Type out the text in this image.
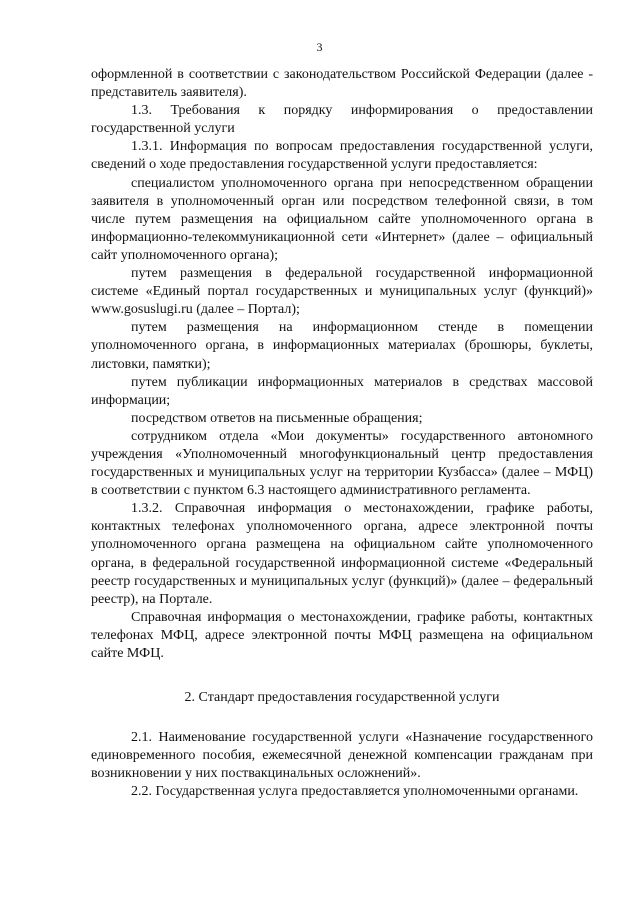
3

оформленной в соответствии с законодательством Российской Федерации (далее - представитель заявителя).

1.3. Требования к порядку информирования о предоставлении государственной услуги

1.3.1. Информация по вопросам предоставления государственной услуги, сведений о ходе предоставления государственной услуги предоставляется:

специалистом уполномоченного органа при непосредственном обращении заявителя в уполномоченный орган или посредством телефонной связи, в том числе путем размещения на официальном сайте уполномоченного органа в информационно-телекоммуникационной сети «Интернет» (далее – официальный сайт уполномоченного органа);

путем размещения в федеральной государственной информационной системе «Единый портал государственных и муниципальных услуг (функций)» www.gosuslugi.ru (далее – Портал);

путем размещения на информационном стенде в помещении уполномоченного органа, в информационных материалах (брошюры, буклеты, листовки, памятки);

путем публикации информационных материалов в средствах массовой информации;

посредством ответов на письменные обращения;

сотрудником отдела «Мои документы» государственного автономного учреждения «Уполномоченный многофункциональный центр предоставления государственных и муниципальных услуг на территории Кузбасса» (далее – МФЦ) в соответствии с пунктом 6.3 настоящего административного регламента.

1.3.2. Справочная информация о местонахождении, графике работы, контактных телефонах уполномоченного органа, адресе электронной почты уполномоченного органа размещена на официальном сайте уполномоченного органа, в федеральной государственной информационной системе «Федеральный реестр государственных и муниципальных услуг (функций)» (далее – федеральный реестр), на Портале.

Справочная информация о местонахождении, графике работы, контактных телефонах МФЦ, адресе электронной почты МФЦ размещена на официальном сайте МФЦ.

2. Стандарт предоставления государственной услуги

2.1. Наименование государственной услуги «Назначение государственного единовременного пособия, ежемесячной денежной компенсации гражданам при возникновении у них поствакцинальных осложнений».

2.2. Государственная услуга предоставляется уполномоченными органами.
